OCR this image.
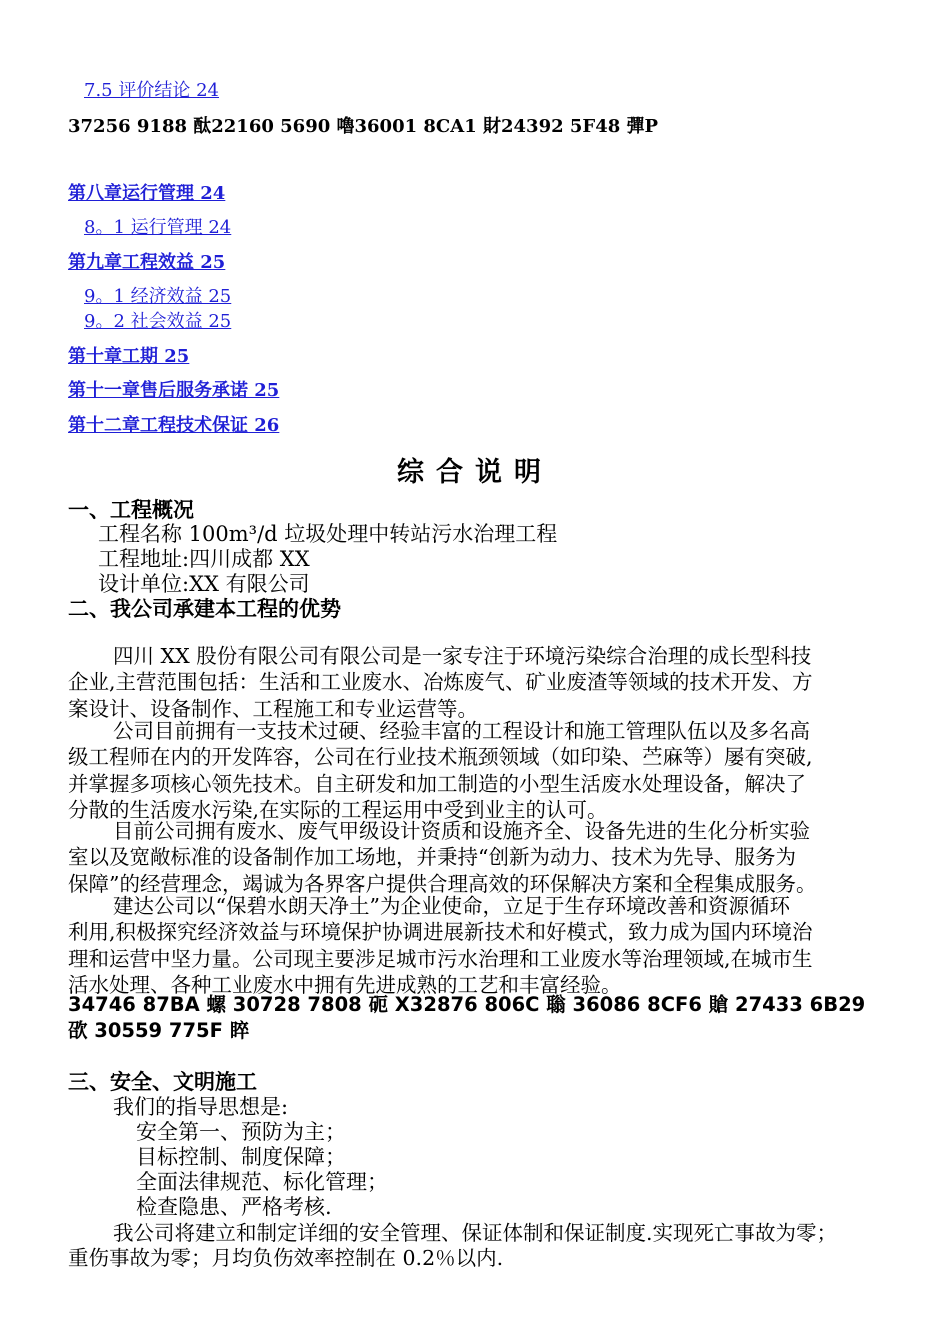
7.5 评价结论 24
37256 9188 酞22160 5690 嚕36001 8CA1 財24392 5F48 彈P
第八章运行管理 24
8。1 运行管理 24
第九章工程效益 25
9。1 经济效益 25
9。2 社会效益 25
第十章工期 25
第十一章售后服务承诺 25
第十二章工程技术保证 26
综合说明
一、工程概况
工程名称 100m³/d 垃圾处理中转站污水治理工程
工程地址:四川成都 XX
设计单位:XX 有限公司
二、我公司承建本工程的优势
四川 XX 股份有限公司有限公司是一家专注于环境污染综合治理的成长型科技
企业,主营范围包括：生活和工业废水、冶炼废气、矿业废渣等领域的技术开发、方
案设计、设备制作、工程施工和专业运营等。
公司目前拥有一支技术过硬、经验丰富的工程设计和施工管理队伍以及多名高
级工程师在内的开发阵容，公司在行业技术瓶颈领域（如印染、苎麻等）屡有突破,
并掌握多项核心领先技术。自主研发和加工制造的小型生活废水处理设备，解决了
分散的生活废水污染,在实际的工程运用中受到业主的认可。
目前公司拥有废水、废气甲级设计资质和设施齐全、设备先进的生化分析实验
室以及宽敞标准的设备制作加工场地，并秉持“创新为动力、技术为先导、服务为
保障”的经营理念，竭诚为各界客户提供合理高效的环保解决方案和全程集成服务。
建达公司以“保碧水朗天净土”为企业使命，立足于生存环境改善和资源循环
利用,积极探究经济效益与环境保护协调进展新技术和好模式，致力成为国内环境治
理和运营中坚力量。公司现主要涉足城市污水治理和工业废水等治理领域,在城市生
活水处理、各种工业废水中拥有先进成熟的工艺和丰富经验。
34746 87BA 螺 30728 7808 砈 X32876 806C 聬 36086 8CF6 賶 27433 6B29 欩 30559 775F 睟
三、安全、文明施工
我们的指导思想是:
安全第一、预防为主；
目标控制、制度保障；
全面法律规范、标化管理；
检查隐患、严格考核.
我公司将建立和制定详细的安全管理、保证体制和保证制度.实现死亡事故为零；
重伤事故为零；月均负伤效率控制在 0.2％以内.
